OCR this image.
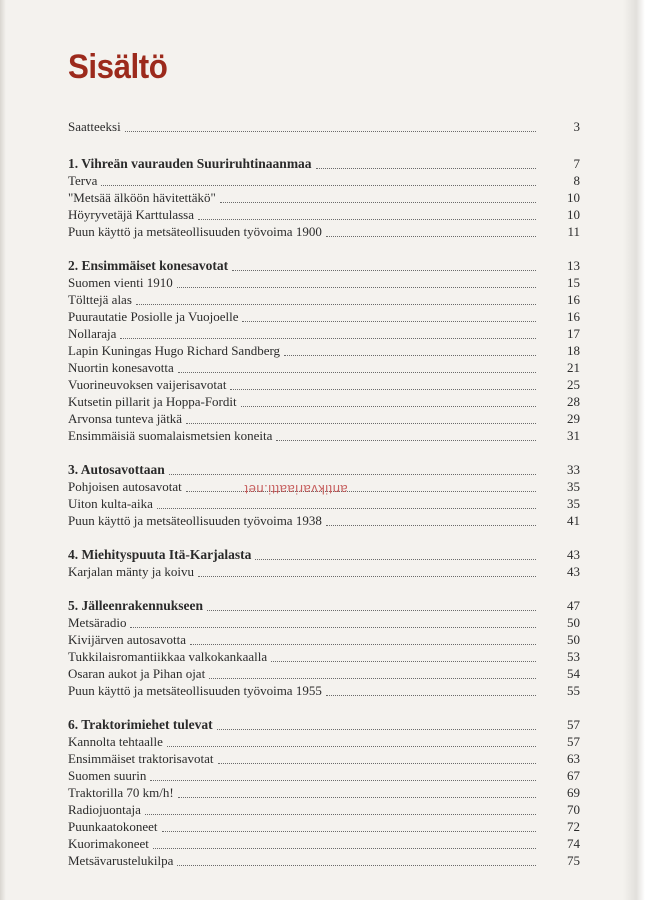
Sisältö
Saatteeksi	3
1. Vihreän vaurauden Suuriruhtinaanmaa	7
Terva	8
"Metsää älköön hävitettäkö"	10
Höyryvetäjä Karttulassa	10
Puun käyttö ja metsäteollisuuden työvoima 1900	11
2. Ensimmäiset konesavotat	13
Suomen vienti 1910	15
Tölttejä alas	16
Puurautatie Posiolle ja Vuojoelle	16
Nollaraja	17
Lapin Kuningas Hugo Richard Sandberg	18
Nuortin konesavotta	21
Vuorineuvoksen vaijerisavotat	25
Kutsetin pillarit ja Hoppa-Fordit	28
Arvonsa tunteva jätkä	29
Ensimmäisiä suomalaismetsien koneita	31
3. Autosavottaan	33
Pohjoisen autosavotat	35
Uiton kulta-aika	35
Puun käyttö ja metsäteollisuuden työvoima 1938	41
4. Miehityspuuta Itä-Karjalasta	43
Karjalan mänty ja koivu	43
5. Jälleenrakennukseen	47
Metsäradio	50
Kivijärven autosavotta	50
Tukkilaisromantiikkaa valkokankaalla	53
Osaran aukot ja Pihan ojat	54
Puun käyttö ja metsäteollisuuden työvoima 1955	55
6. Traktorimiehet tulevat	57
Kannolta tehtaalle	57
Ensimmäiset traktorisavotat	63
Suomen suurin	67
Traktorilla 70 km/h!	69
Radiojuontaja	70
Puunkaatokoneet	72
Kuorimakoneet	74
Metsävarustelukilpa	75
antikvariaatti.net
